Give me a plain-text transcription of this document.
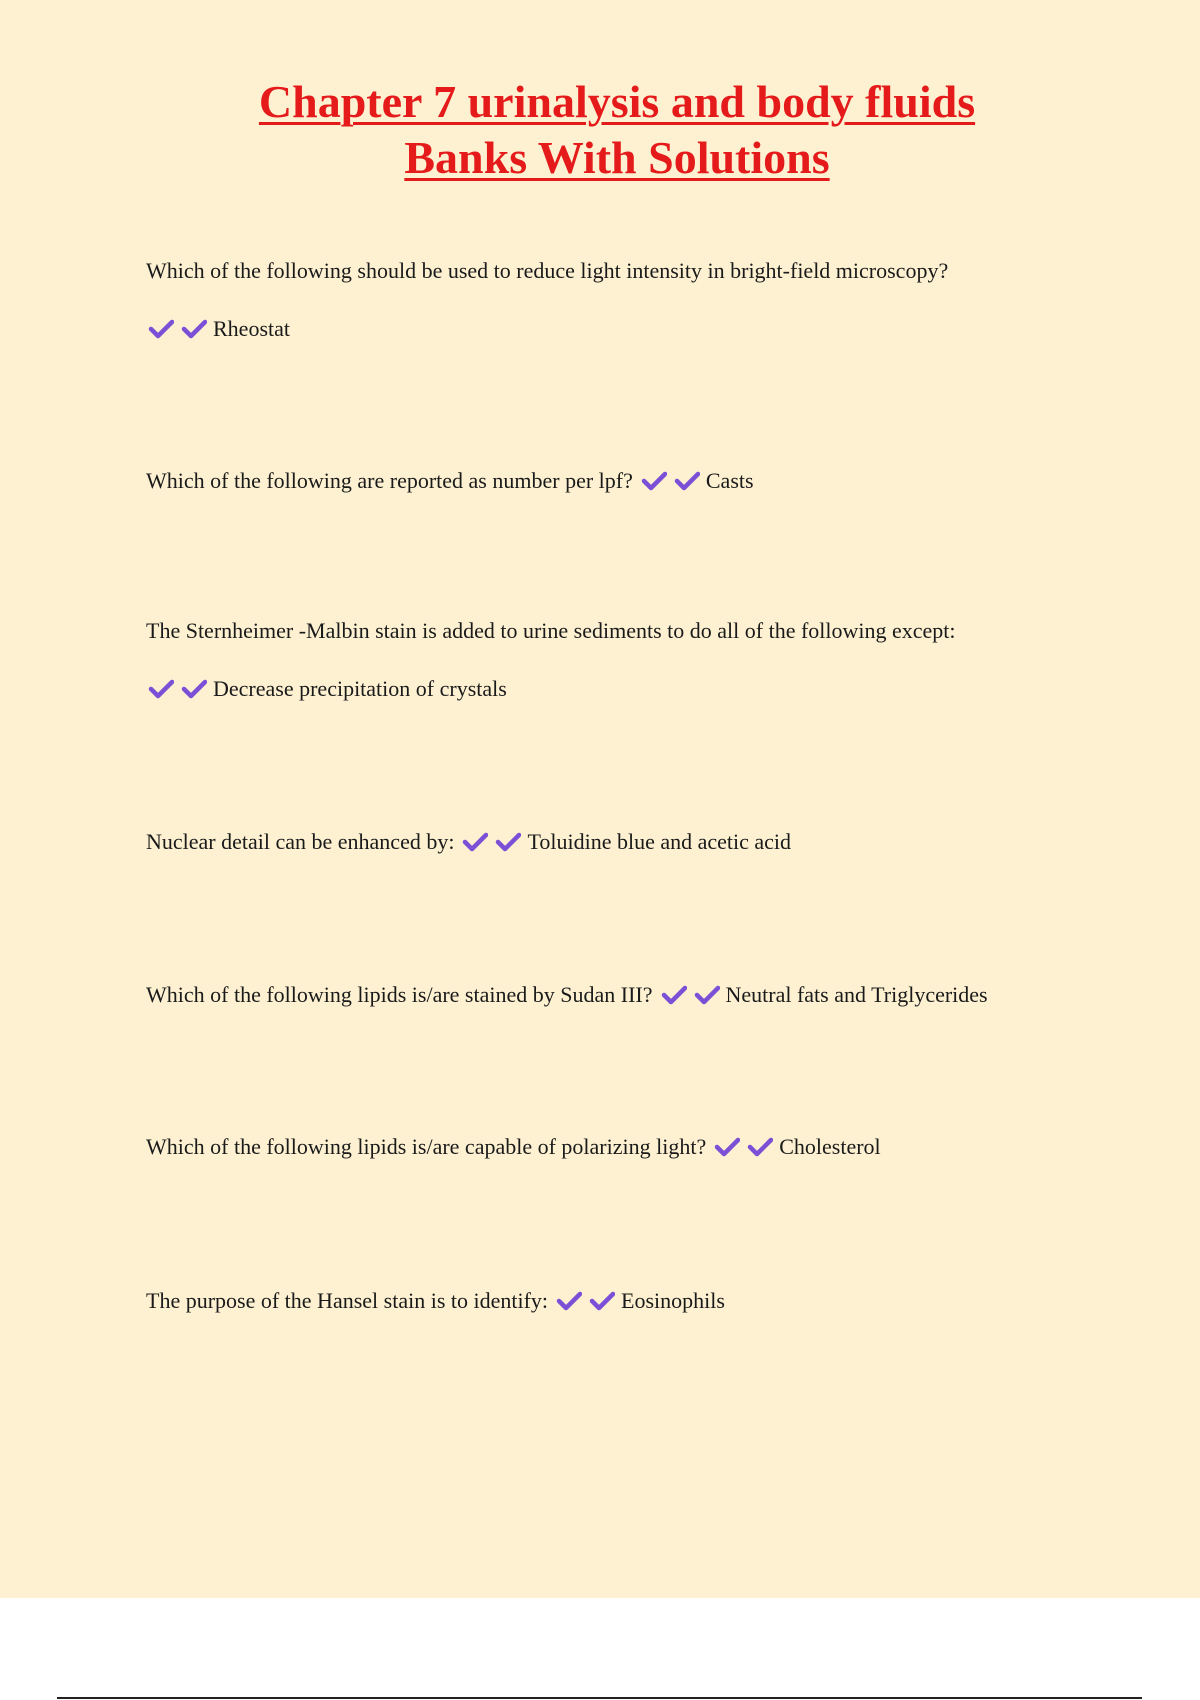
Chapter 7 urinalysis and body fluids
Banks With Solutions
Which of the following should be used to reduce light intensity in bright-field microscopy?
Rheostat
Which of the following are reported as number per lpf?	Casts
The Sternheimer -Malbin stain is added to urine sediments to do all of the following except:
Decrease precipitation of crystals
Nuclear detail can be enhanced by:	Toluidine blue and acetic acid
Which of the following lipids is/are stained by Sudan III?	Neutral fats and Triglycerides
Which of the following lipids is/are capable of polarizing light?	Cholesterol
The purpose of the Hansel stain is to identify:	Eosinophils
